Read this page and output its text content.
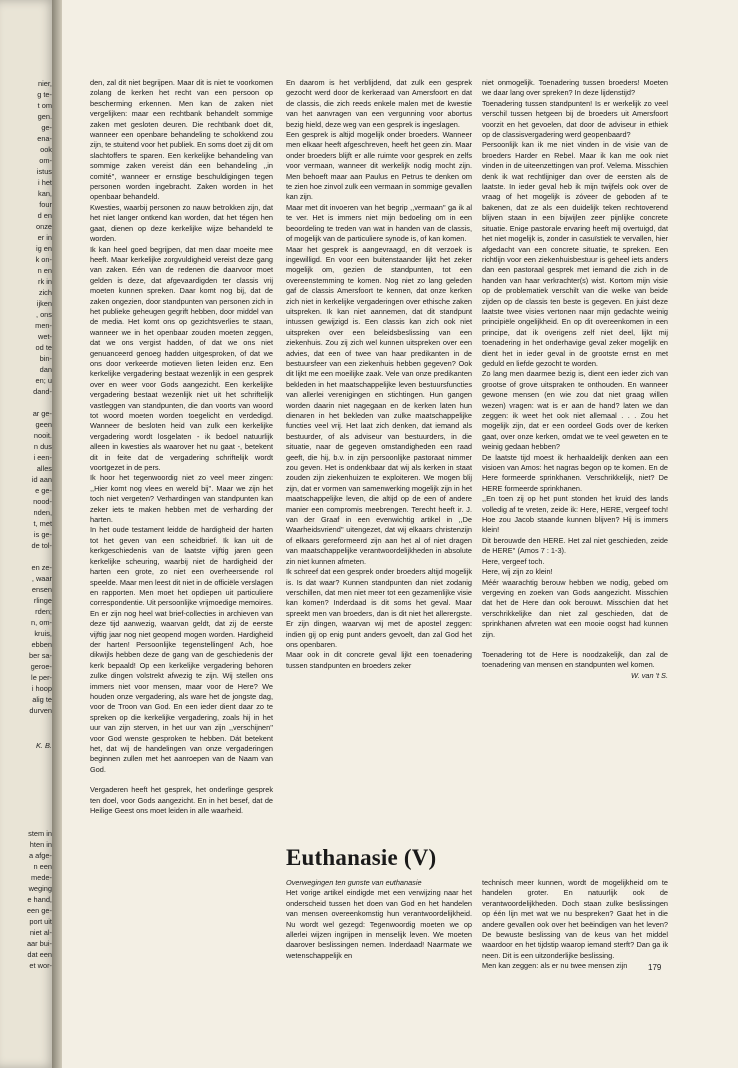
nier,
g te-
t om
gen.
ge-
ena-
ook
om-
istus
i het
kan,
four
d en
onze
er in
ig en
k on-
n en
rk in
zich
ijken
, ons
men-
wet-
od te
bin-
dan
en; u
dand-
ar ge-
geen
nooit.
n dus
i een-
alles
id aan
e ge-
nood-
nden,
t, met
is ge-
de tol-
en ze-
, waar
ensen
rlinge
rden;
n, om-
kruis,
ebben
ber sa-
geroe-
le per-
i hoop
alig te
durven
K. B.
stem in
hten in
a afge-
n een
mede-
weging
e hand,
een ge-
port uit
niet al-
aar bui-
dat een
et wor-

den, zal dit niet begrijpen. Maar dit is niet te voorkomen zolang de kerken het recht van een persoon op bescherming erkennen. Men kan de zaken niet vergelijken: maar een rechtbank behandelt sommige zaken met gesloten deuren. Die rechtbank doet dit, wanneer een openbare behandeling te schokkend zou zijn, te stuitend voor het publiek. En soms doet zij dit om slachtoffers te sparen. Een kerkelijke behandeling van sommige zaken vereist dán een behandeling ,,in comité'', wanneer er ernstige beschuldigingen tegen personen worden ingebracht. Zaken worden in het openbaar behandeld.

Kwesties, waarbij personen zo nauw betrokken zijn, dat het niet langer ontkend kan worden, dat het tégen hen gaat, dienen op deze kerkelijke wijze behandeld te worden.

Ik kan heel goed begrijpen, dat men daar moeite mee heeft. Maar kerkelijke zorgvuldigheid vereist deze gang van zaken. Eén van de redenen die daarvoor moet gelden is deze, dat afgevaardigden ter classis vrij moeten kunnen spreken. Daar komt nog bij, dat de zaken ongezien, door standpunten van personen zich in het publieke geheugen gegrift hebben, door middel van de media. Het komt ons op gezichtsverlies te staan, wanneer we in het openbaar zouden moeten zeggen, dat we ons vergist hadden, of dat we ons niet genuanceerd genoeg hadden uitgesproken, of dat we ons door verkeerde motieven lieten leiden enz. Een kerkelijke vergadering bestaat wezenlijk in een gesprek over en weer voor Gods aangezicht. Een kerkelijke vergadering bestaat wezenlijk niet uit het schriftelijk vastleggen van standpunten, die dan voorts van woord tot woord moeten worden toegelicht en verdedigd. Wanneer de besloten heid van zulk een kerkelijke vergadering wordt losgelaten - ik bedoel natuurlijk alleen in kwesties als waarover het nu gaat -, betekent dit in feite dat de vergadering schriftelijk wordt voortgezet in de pers.

Ik hoor het tegenwoordig niet zo veel meer zingen: ,,Hier komt nog vlees en wereld bij''. Maar we zijn het toch niet vergeten? Verhardingen van standpunten kan zeker iets te maken hebben met de verharding der harten.

In het oude testament leidde de hardigheid der harten tot het geven van een scheidbrief. Ik kan uit de kerkgeschiedenis van de laatste vijftig jaren geen kerkelijke scheuring, waarbij niet de hardigheid der harten een grote, zo niet een overheersende rol speelde. Maar men leest dit niet in de officiële verslagen en rapporten. Men moet het opdiepen uit particuliere correspondentie. Uit persoonlijke vrijmoedige memoires. En er zijn nog heel wat brief-collecties in archieven van deze tijd aanwezig, waarvan geldt, dat zij de eerste vijftig jaar nog niet geopend mogen worden. Hardigheid der harten! Persoonlijke tegenstellingen! Ach, hoe dikwijls hebben deze de gang van de geschiedenis der kerk bepaald! Op een kerkelijke vergadering behoren zulke dingen volstrekt afwezig te zijn. Wij stellen ons immers niet voor mensen, maar voor de Here? We houden onze vergadering, als ware het de jongste dag, voor de Troon van God. En een ieder dient daar zo te spreken op die kerkelijke vergadering, zoals hij in het uur van zijn sterven, in het uur van zijn ,,verschijnen'' voor God wenste gesproken te hebben. Dát betekent het, dat wij de handelingen van onze vergaderingen beginnen zullen met het aanroepen van de Naam van God.

Vergaderen heeft het gesprek, het onderlinge gesprek ten doel, voor Gods aangezicht. En in het besef, dat de Heilige Geest ons moet leiden in alle waarheid.

En daarom is het verblijdend, dat zulk een gesprek gezocht werd door de kerkeraad van Amersfoort en dat de classis, die zich reeds enkele malen met de kwestie van het aanvragen van een vergunning voor abortus bezig hield, deze weg van een gesprek is ingeslagen.

Een gesprek is altijd mogelijk onder broeders. Wanneer men elkaar heeft afgeschreven, heeft het geen zin. Maar onder broeders blijft er alle ruimte voor gesprek en zelfs voor vermaan, wanneer dit werkelijk nodig mocht zijn. Men behoeft maar aan Paulus en Petrus te denken om te zien hoe zinvol zulk een vermaan in sommige gevallen kan zijn.

Maar met dit invoeren van het begrip ,,vermaan'' ga ik al te ver. Het is immers niet mijn bedoeling om in een beoordeling te treden van wat in handen van de classis, of mogelijk van de particuliere synode is, of kan komen.

Maar het gesprek is aangevraagd, en dit verzoek is ingewilligd. En voor een buitenstaander lijkt het zeker mogelijk om, gezien de standpunten, tot een overeenstemming te komen. Nog niet zo lang geleden gaf de classis Amersfoort te kennen, dat onze kerken zich niet in kerkelijke vergaderingen over ethische zaken uitspreken. Ik kan niet aannemen, dat dit standpunt intussen gewijzigd is. Een classis kan zich ook niet uitspreken over een beleidsbeslissing van een ziekenhuis. Zou zij zich wel kunnen uitspreken over een advies, dat een of twee van haar predikanten in de bestuursfeer van een ziekenhuis hebben gegeven? Ook dit lijkt me een moeilijke zaak. Vele van onze predikanten bekleden in het maatschappelijke leven bestuursfuncties van allerlei verenigingen en stichtingen. Hun gangen worden daarin niet nagegaan en de kerken laten hun dienaren in het bekleden van zulke maatschappelijke functies veel vrij. Het laat zich denken, dat iemand als bestuurder, of als adviseur van bestuurders, in die situatie, naar de gegeven omstandigheden een raad geeft, die hij, b.v. in zijn persoonlijke pastoraat nimmer zou geven. Het is ondenkbaar dat wij als kerken in staat zouden zijn ziekenhuizen te exploiteren. We mogen blij zijn, dat er vormen van samenwerking mogelijk zijn in het maatschappelijke leven, die altijd op de een of andere manier een compromis meebrengen. Terecht heeft ir. J. van der Graaf in een evenwichtig artikel in ,,De Waarheidsvriend'' uitengezet, dat wij elkaars christenzijn of elkaars gereformeerd zijn aan het al of niet dragen van maatschappelijke verantwoordelijkheden in absolute zin niet kunnen afmeten.

Ik schreef dat een gesprek onder broeders altijd mogelijk is. Is dat waar? Kunnen standpunten dan niet zodanig verschillen, dat men niet meer tot een gezamenlijke visie kan komen? Inderdaad is dit soms het geval. Maar spreekt men van broeders, dan is dit niet het allerergste. Er zijn dingen, waarvan wij met de apostel zeggen: indien gij op enig punt anders gevoelt, dan zal God het ons openbaren.

Maar ook in dit concrete geval lijkt een toenadering tussen standpunten en broeders zeker

niet onmogelijk. Toenadering tussen broeders! Moeten we daar lang over spreken? In deze lijdenstijd?

Toenadering tussen standpunten! Is er werkelijk zo veel verschil tussen hetgeen bij de broeders uit Amersfoort voorzit en het gevoelen, dat door de adviseur in ethiek op de classisvergadering werd geopenbaard?

Persoonlijk kan ik me niet vinden in de visie van de broeders Harder en Rebel. Maar ik kan me ook niet vinden in de uiteenzettingen van prof. Velema. Misschien denk ik wat rechtlijniger dan over de eersten als de laatste. In ieder geval heb ik mijn twijfels ook over de vraag of het mogelijk is zóveer de geboden af te bakenen, dat ze als een duidelijk teken rechtoverend blijven staan in een bijwijlen zeer pijnlijke concrete situatie. Enige pastorale ervaring heeft mij overtuigd, dat het niet mogelijk is, zonder in casuïstiek te vervallen, hier afgedacht van een concrete situatie, te spreken. Een richtlijn voor een ziekenhuisbestuur is geheel iets anders dan een pastoraal gesprek met iemand die zich in de handen van haar verkrachter(s) wist. Kortom mijn visie op de problematiek verschilt van die welke van beide zijden op de classis ten beste is gegeven. En juist deze laatste twee visies vertonen naar mijn gedachte weinig principiële ongelijkheid. En op dit overeenkomen in een principe, dat ik overigens zelf niet deel, lijkt mij toenadering in het onderhavige geval zeker mogelijk en dient het in ieder geval in de grootste ernst en met geduld en liefde gezocht te worden.

Zo lang men daarmee bezig is, dient een ieder zich van grootse of grove uitspraken te onthouden. En wanneer gewone mensen (en wie zou dat niet graag willen wezen) vragen: wat is er aan de hand? laten we dan zeggen: ik weet het ook niet allemaal . . . Zou het mogelijk zijn, dat er een oordeel Gods over de kerken gaat, over onze kerken, omdat we te veel geweten en te weinig gedaan hebben?

De laatste tijd moest ik herhaaldelijk denken aan een visioen van Amos: het nagras begon op te komen. En de Here formeerde sprinkhanen. Verschrikkelijk, niet? De HERE formeerde sprinkhanen.

,,En toen zij op het punt stonden het kruid des lands volledig af te vreten, zeide ik: Here, HERE, vergeef toch! Hoe zou Jacob staande kunnen blijven? Hij is immers klein!

Dit berouwde den HERE. Het zal niet geschieden, zeide de HERE'' (Amos 7 : 1-3).

Here, vergeef toch.

Here, wij zijn zo klein!

Méér waarachtig berouw hebben we nodig, gebed om vergeving en zoeken van Gods aangezicht. Misschien dat het de Here dan ook berouwt. Misschien dat het verschrikkelijke dan niet zal geschieden, dat de sprinkhanen afvreten wat een mooie oogst had kunnen zijn.

Toenadering tot de Here is noodzakelijk, dan zal de toenadering van mensen en standpunten wel komen.

W. van 't S.

Euthanasie (V)

Overwegingen ten gunste van euthanasie

Het vorige artikel eindigde met een verwijzing naar het onderscheid tussen het doen van God en het handelen van mensen overeenkomstig hun verantwoordelijkheid. Nu wordt wel gezegd: Tegenwoordig moeten we op allerlei wijzen ingrijpen in menselijk leven. We moeten daarover beslissingen nemen. Inderdaad! Naarmate we wetenschappelijk en

technisch meer kunnen, wordt de mogelijkheid om te handelen groter. En natuurlijk ook de verantwoordelijkheden. Doch staan zulke beslissingen op één lijn met wat we nu bespreken? Gaat het in die andere gevallen ook over het beëindigen van het leven? De bewuste beslissing van de keus van het middel waardoor en het tijdstip waarop iemand sterft? Dan ga ik neen. Dit is een uitzonderlijke beslissing.
Men kan zeggen: als er nu twee mensen zijn	179
